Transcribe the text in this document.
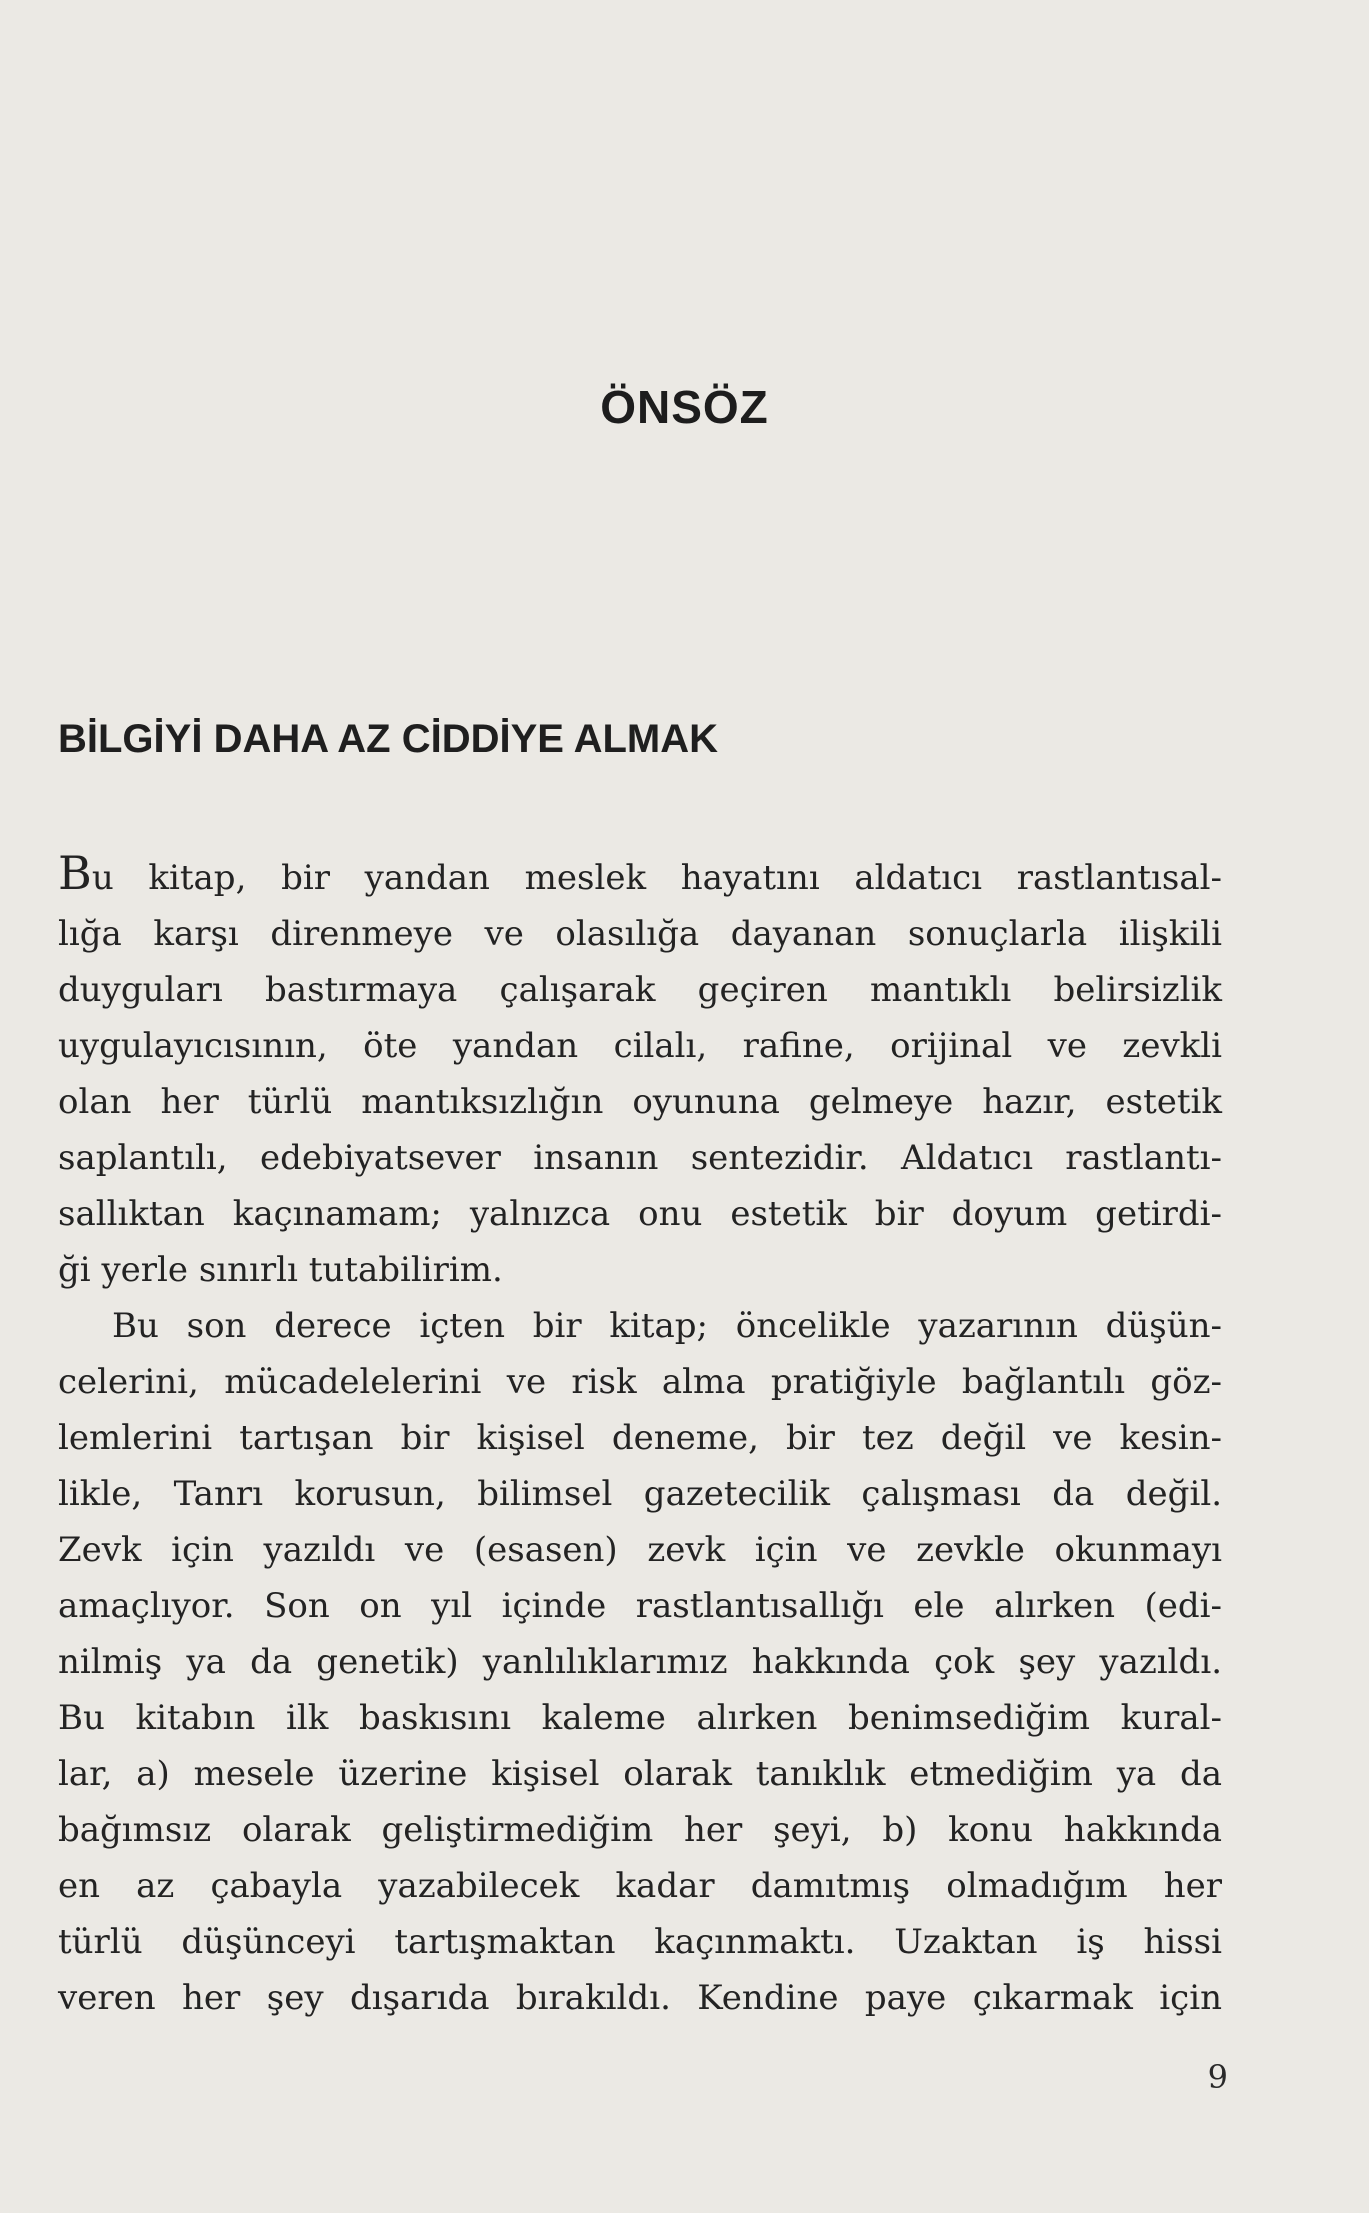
ÖNSÖZ
BİLGİYİ DAHA AZ CİDDİYE ALMAK
Bu kitap, bir yandan meslek hayatını aldatıcı rastlantısal-
lığa karşı direnmeye ve olasılığa dayanan sonuçlarla ilişkili
duyguları bastırmaya çalışarak geçiren mantıklı belirsizlik
uygulayıcısının, öte yandan cilalı, rafine, orijinal ve zevkli
olan her türlü mantıksızlığın oyununa gelmeye hazır, estetik
saplantılı, edebiyatsever insanın sentezidir. Aldatıcı rastlantı-
sallıktan kaçınamam; yalnızca onu estetik bir doyum getirdi-
ği yerle sınırlı tutabilirim.
Bu son derece içten bir kitap; öncelikle yazarının düşün-
celerini, mücadelelerini ve risk alma pratiğiyle bağlantılı göz-
lemlerini tartışan bir kişisel deneme, bir tez değil ve kesin-
likle, Tanrı korusun, bilimsel gazetecilik çalışması da değil.
Zevk için yazıldı ve (esasen) zevk için ve zevkle okunmayı
amaçlıyor. Son on yıl içinde rastlantısallığı ele alırken (edi-
nilmiş ya da genetik) yanlılıklarımız hakkında çok şey yazıldı.
Bu kitabın ilk baskısını kaleme alırken benimsediğim kural-
lar, a) mesele üzerine kişisel olarak tanıklık etmediğim ya da
bağımsız olarak geliştirmediğim her şeyi, b) konu hakkında
en az çabayla yazabilecek kadar damıtmış olmadığım her
türlü düşünceyi tartışmaktan kaçınmaktı. Uzaktan iş hissi
veren her şey dışarıda bırakıldı. Kendine paye çıkarmak için
9
